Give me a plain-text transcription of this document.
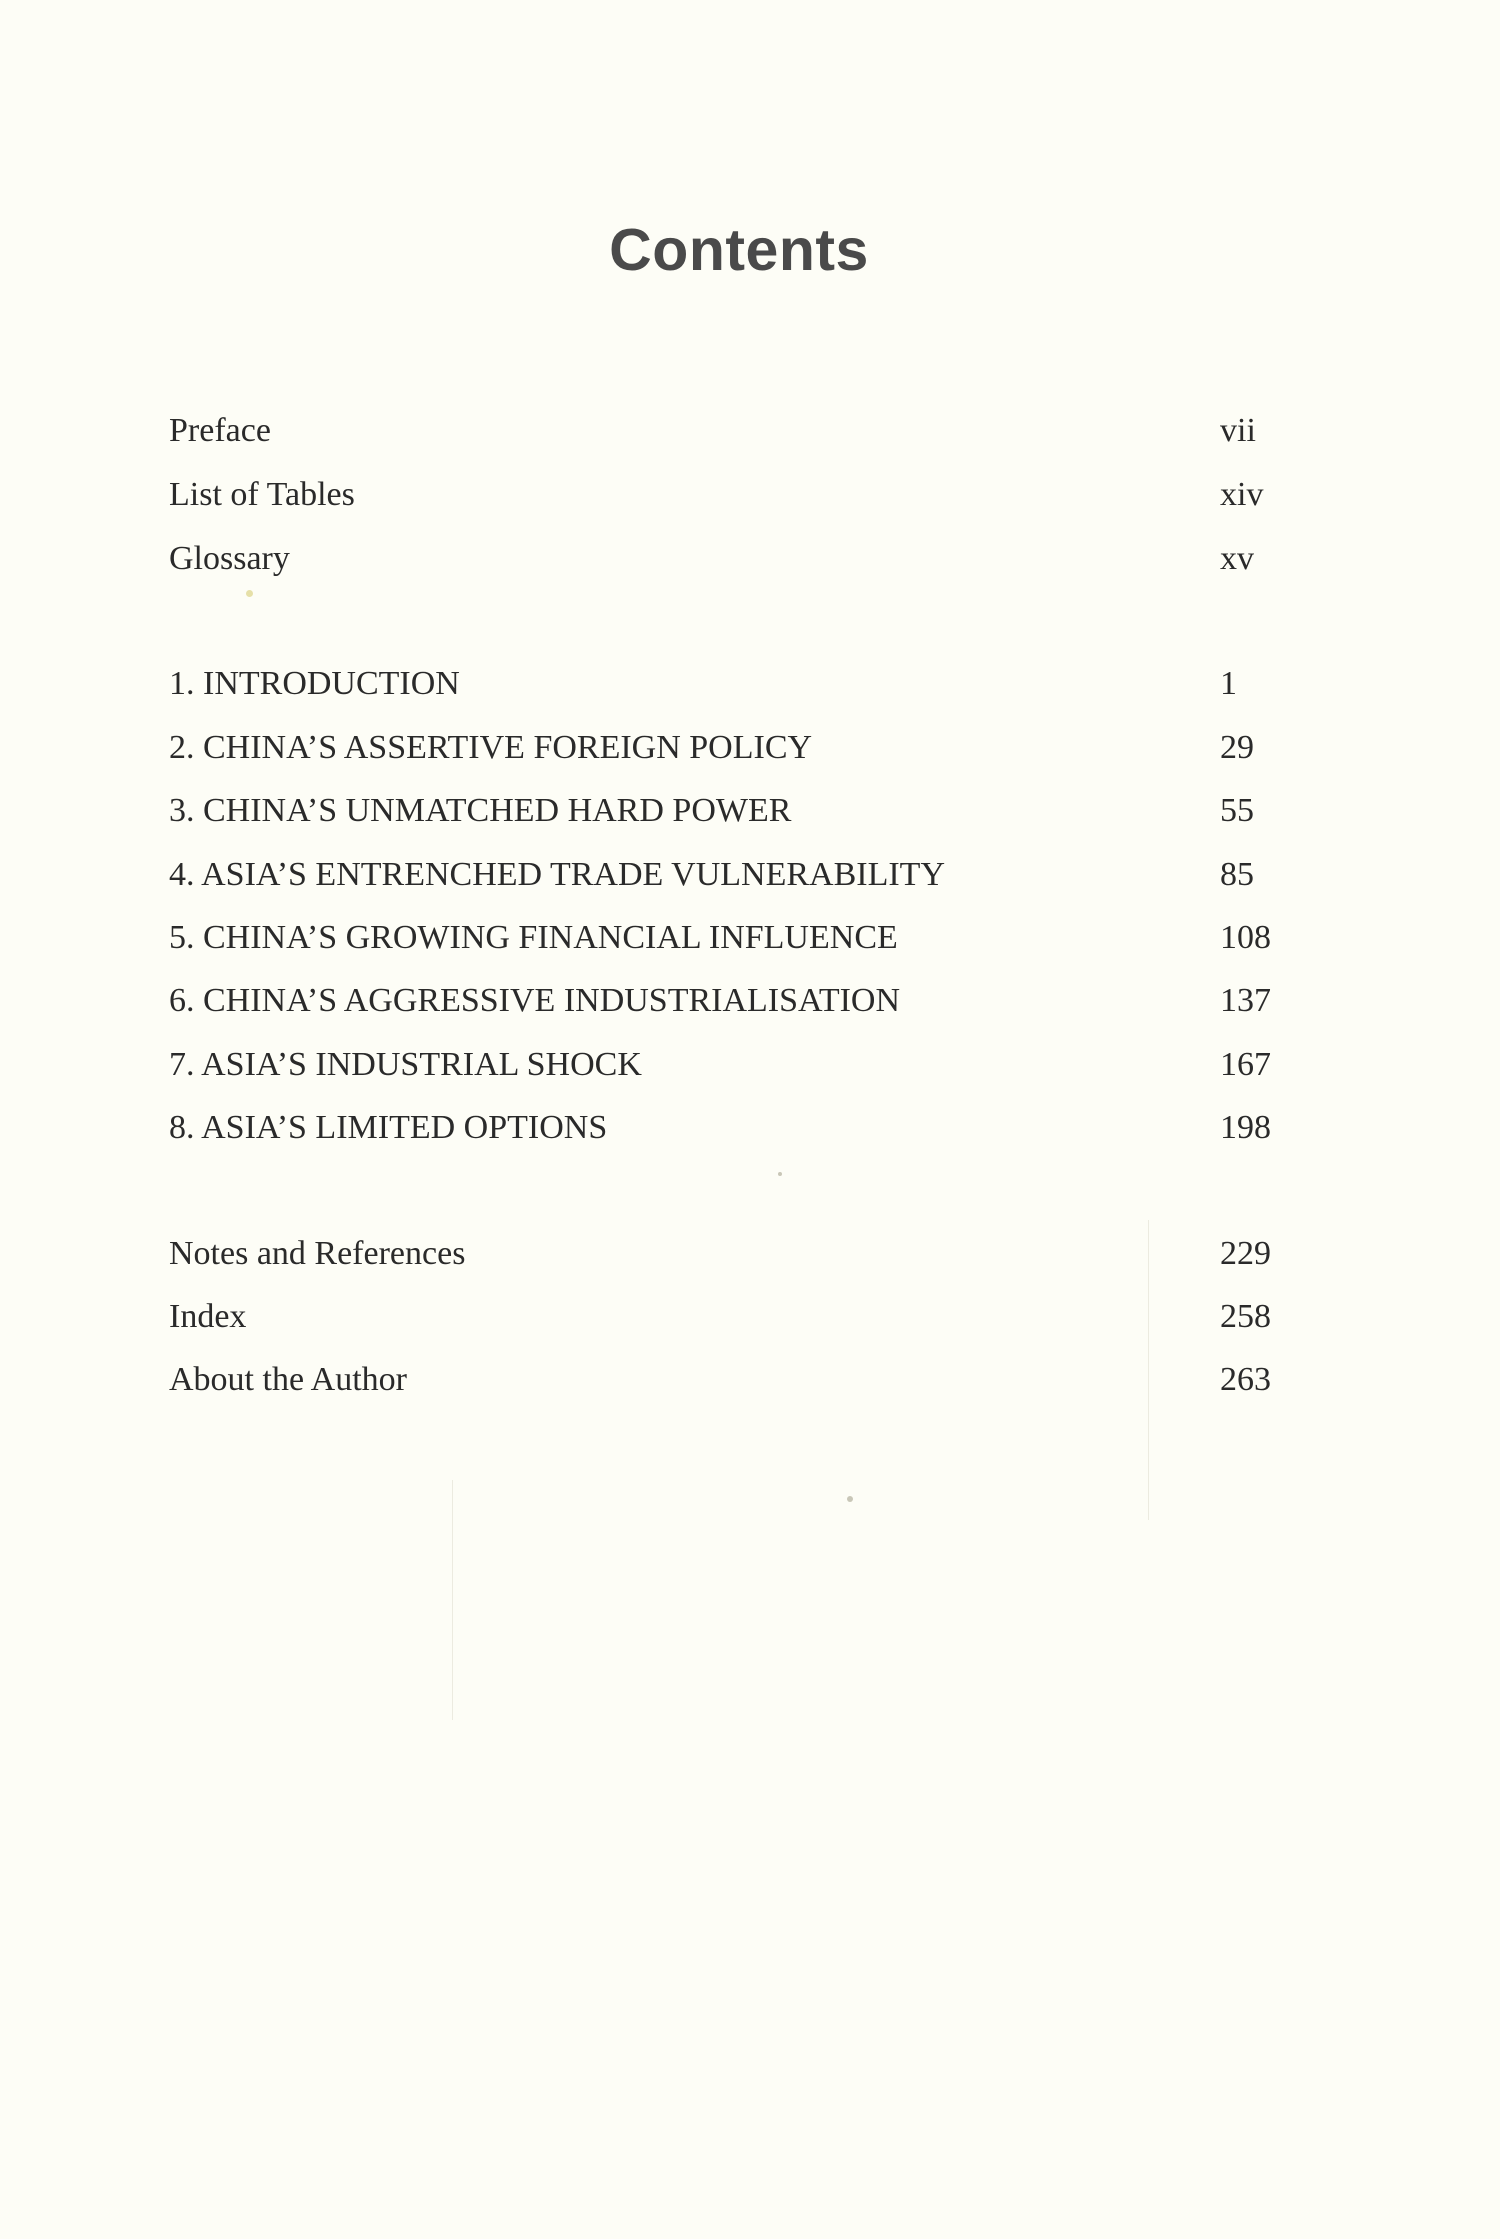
Contents
Preface	vii
List of Tables	xiv
Glossary	xv
1. INTRODUCTION	1
2. CHINA’S ASSERTIVE FOREIGN POLICY	29
3. CHINA’S UNMATCHED HARD POWER	55
4. ASIA’S ENTRENCHED TRADE VULNERABILITY	85
5. CHINA’S GROWING FINANCIAL INFLUENCE	108
6. CHINA’S AGGRESSIVE INDUSTRIALISATION	137
7. ASIA’S INDUSTRIAL SHOCK	167
8. ASIA’S LIMITED OPTIONS	198
Notes and References	229
Index	258
About the Author	263
